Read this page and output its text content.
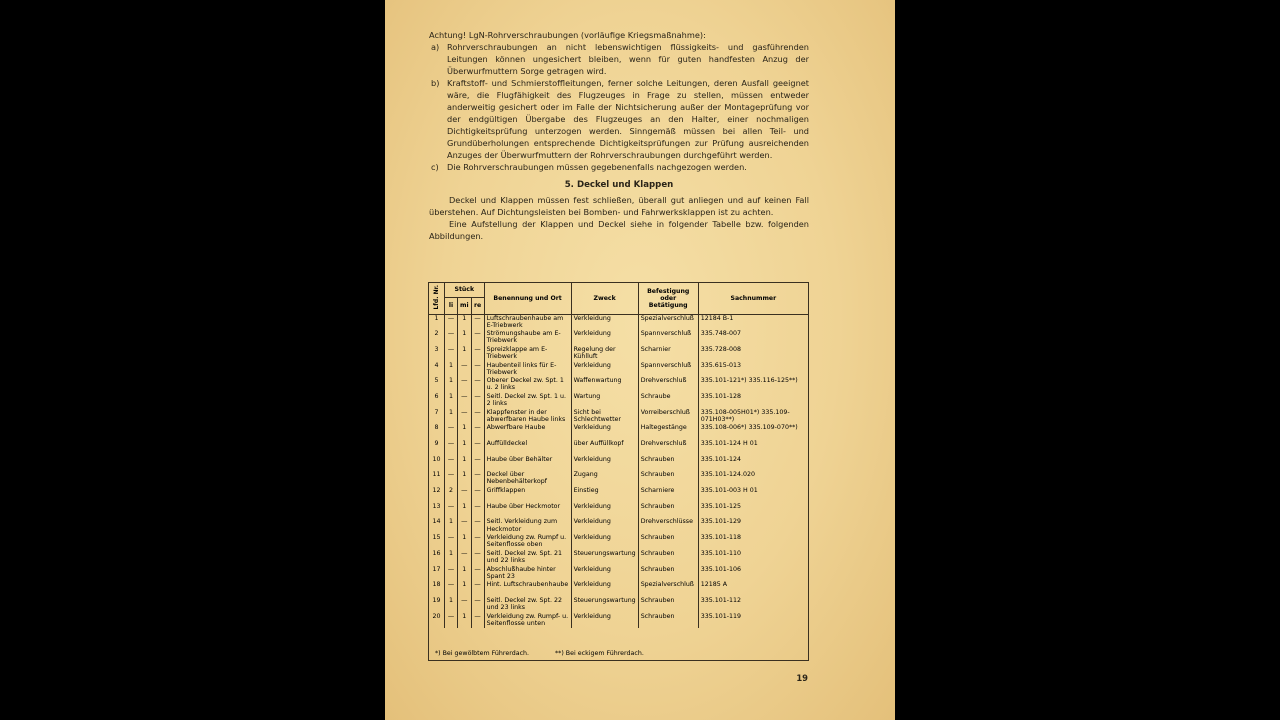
Achtung! LgN-Rohrverschraubungen (vorläufige Kriegsmaßnahme):

a) Rohrverschraubungen an nicht lebenswichtigen flüssigkeits- und gasführenden Leitungen können ungesichert bleiben, wenn für guten handfesten Anzug der Überwurfmuttern Sorge getragen wird.
b) Kraftstoff- und Schmierstoffleitungen, ferner solche Leitungen, deren Ausfall geeignet wäre, die Flugfähigkeit des Flugzeuges in Frage zu stellen, müssen entweder anderweitig gesichert oder im Falle der Nichtsicherung außer der Montageprüfung vor der endgültigen Übergabe des Flugzeuges an den Halter, einer nochmaligen Dichtigkeitsprüfung unterzogen werden. Sinngemäß müssen bei allen Teil- und Grundüberholungen entsprechende Dichtigkeitsprüfungen zur Prüfung ausreichenden Anzuges der Überwurfmuttern der Rohrverschraubungen durchgeführt werden.
c)	Die Rohrverschraubungen müssen gegebenenfalls nachgezogen werden.
5. Deckel und Klappen

Deckel und Klappen müssen fest schließen, überall gut anliegen und auf keinen Fall überstehen. Auf Dichtungsleisten bei Bomben- und Fahrwerksklappen ist zu achten.

Eine Aufstellung der Klappen und Deckel siehe in folgender Tabelle bzw. folgenden Abbildungen.

19
Lfd. Nr.	Stück			Benennung und Ort	Zweck	Befestigung oder Betätigung	Sachnummer
	li	mi	re				

1	—	1	—	Luftschraubenhaube am E-Triebwerk	Verkleidung	Spezialverschluß	12184 B-1
2	—	1	—	Strömungshaube am E-Triebwerk	Verkleidung	Spannverschluß	335.748-007
3	—	1	—	Spreizklappe am E-Triebwerk	Regelung der Kühlluft	Scharnier	335.728-008
4	1	—	—	Haubenteil links für E-Triebwerk	Verkleidung	Spannverschluß	335.615-013
5	1	—	—	Oberer Deckel zw. Spt. 1 u. 2 links	Waffenwartung	Drehverschluß	335.101-121*) 335.116-125**)
6	1	—	—	Seitl. Deckel zw. Spt. 1 u. 2 links	Wartung	Schraube	335.101-128
7	1	—	—	Klappfenster in der abwerfbaren Haube links	Sicht bei Schlechtwetter	Vorreiberschluß	335.108-005H01*) 335.109-071H03**)
8	—	1	—	Abwerfbare Haube	Verkleidung	Haltegestänge	335.108-006*) 335.109-070**)
9	—	1	—	Auffülldeckel	über Auffüllkopf	Drehverschluß	335.101-124 H 01
10	—	1	—	Haube über Behälter	Verkleidung	Schrauben	335.101-124
11	—	1	—	Deckel über Nebenbehälterkopf	Zugang	Schrauben	335.101-124.020
12	2	—	—	Griffklappen	Einstieg	Scharniere	335.101-003 H 01
13	—	1	—	Haube über Heckmotor	Verkleidung	Schrauben	335.101-125
14	1	—	—	Seitl. Verkleidung zum Heckmotor	Verkleidung	Drehverschlüsse	335.101-129
15	—	1	—	Verkleidung zw. Rumpf u. Seitenflosse oben	Verkleidung	Schrauben	335.101-118
16	1	—	—	Seitl. Deckel zw. Spt. 21 und 22 links	Steuerungswartung	Schrauben	335.101-110
17	—	1	—	Abschlußhaube hinter Spant 23	Verkleidung	Schrauben	335.101-106
18	—	1	—	Hint. Luftschraubenhaube	Verkleidung	Spezialverschluß	12185 A
19	1	—	—	Seitl. Deckel zw. Spt. 22 und 23 links	Steuerungswartung	Schrauben	335.101-112
20	—	1	—	Verkleidung zw. Rumpf- u. Seitenflosse unten	Verkleidung	Schrauben	335.101-119
*) Bei gewölbtem Führerdach.	**) Bei eckigem Führerdach.
